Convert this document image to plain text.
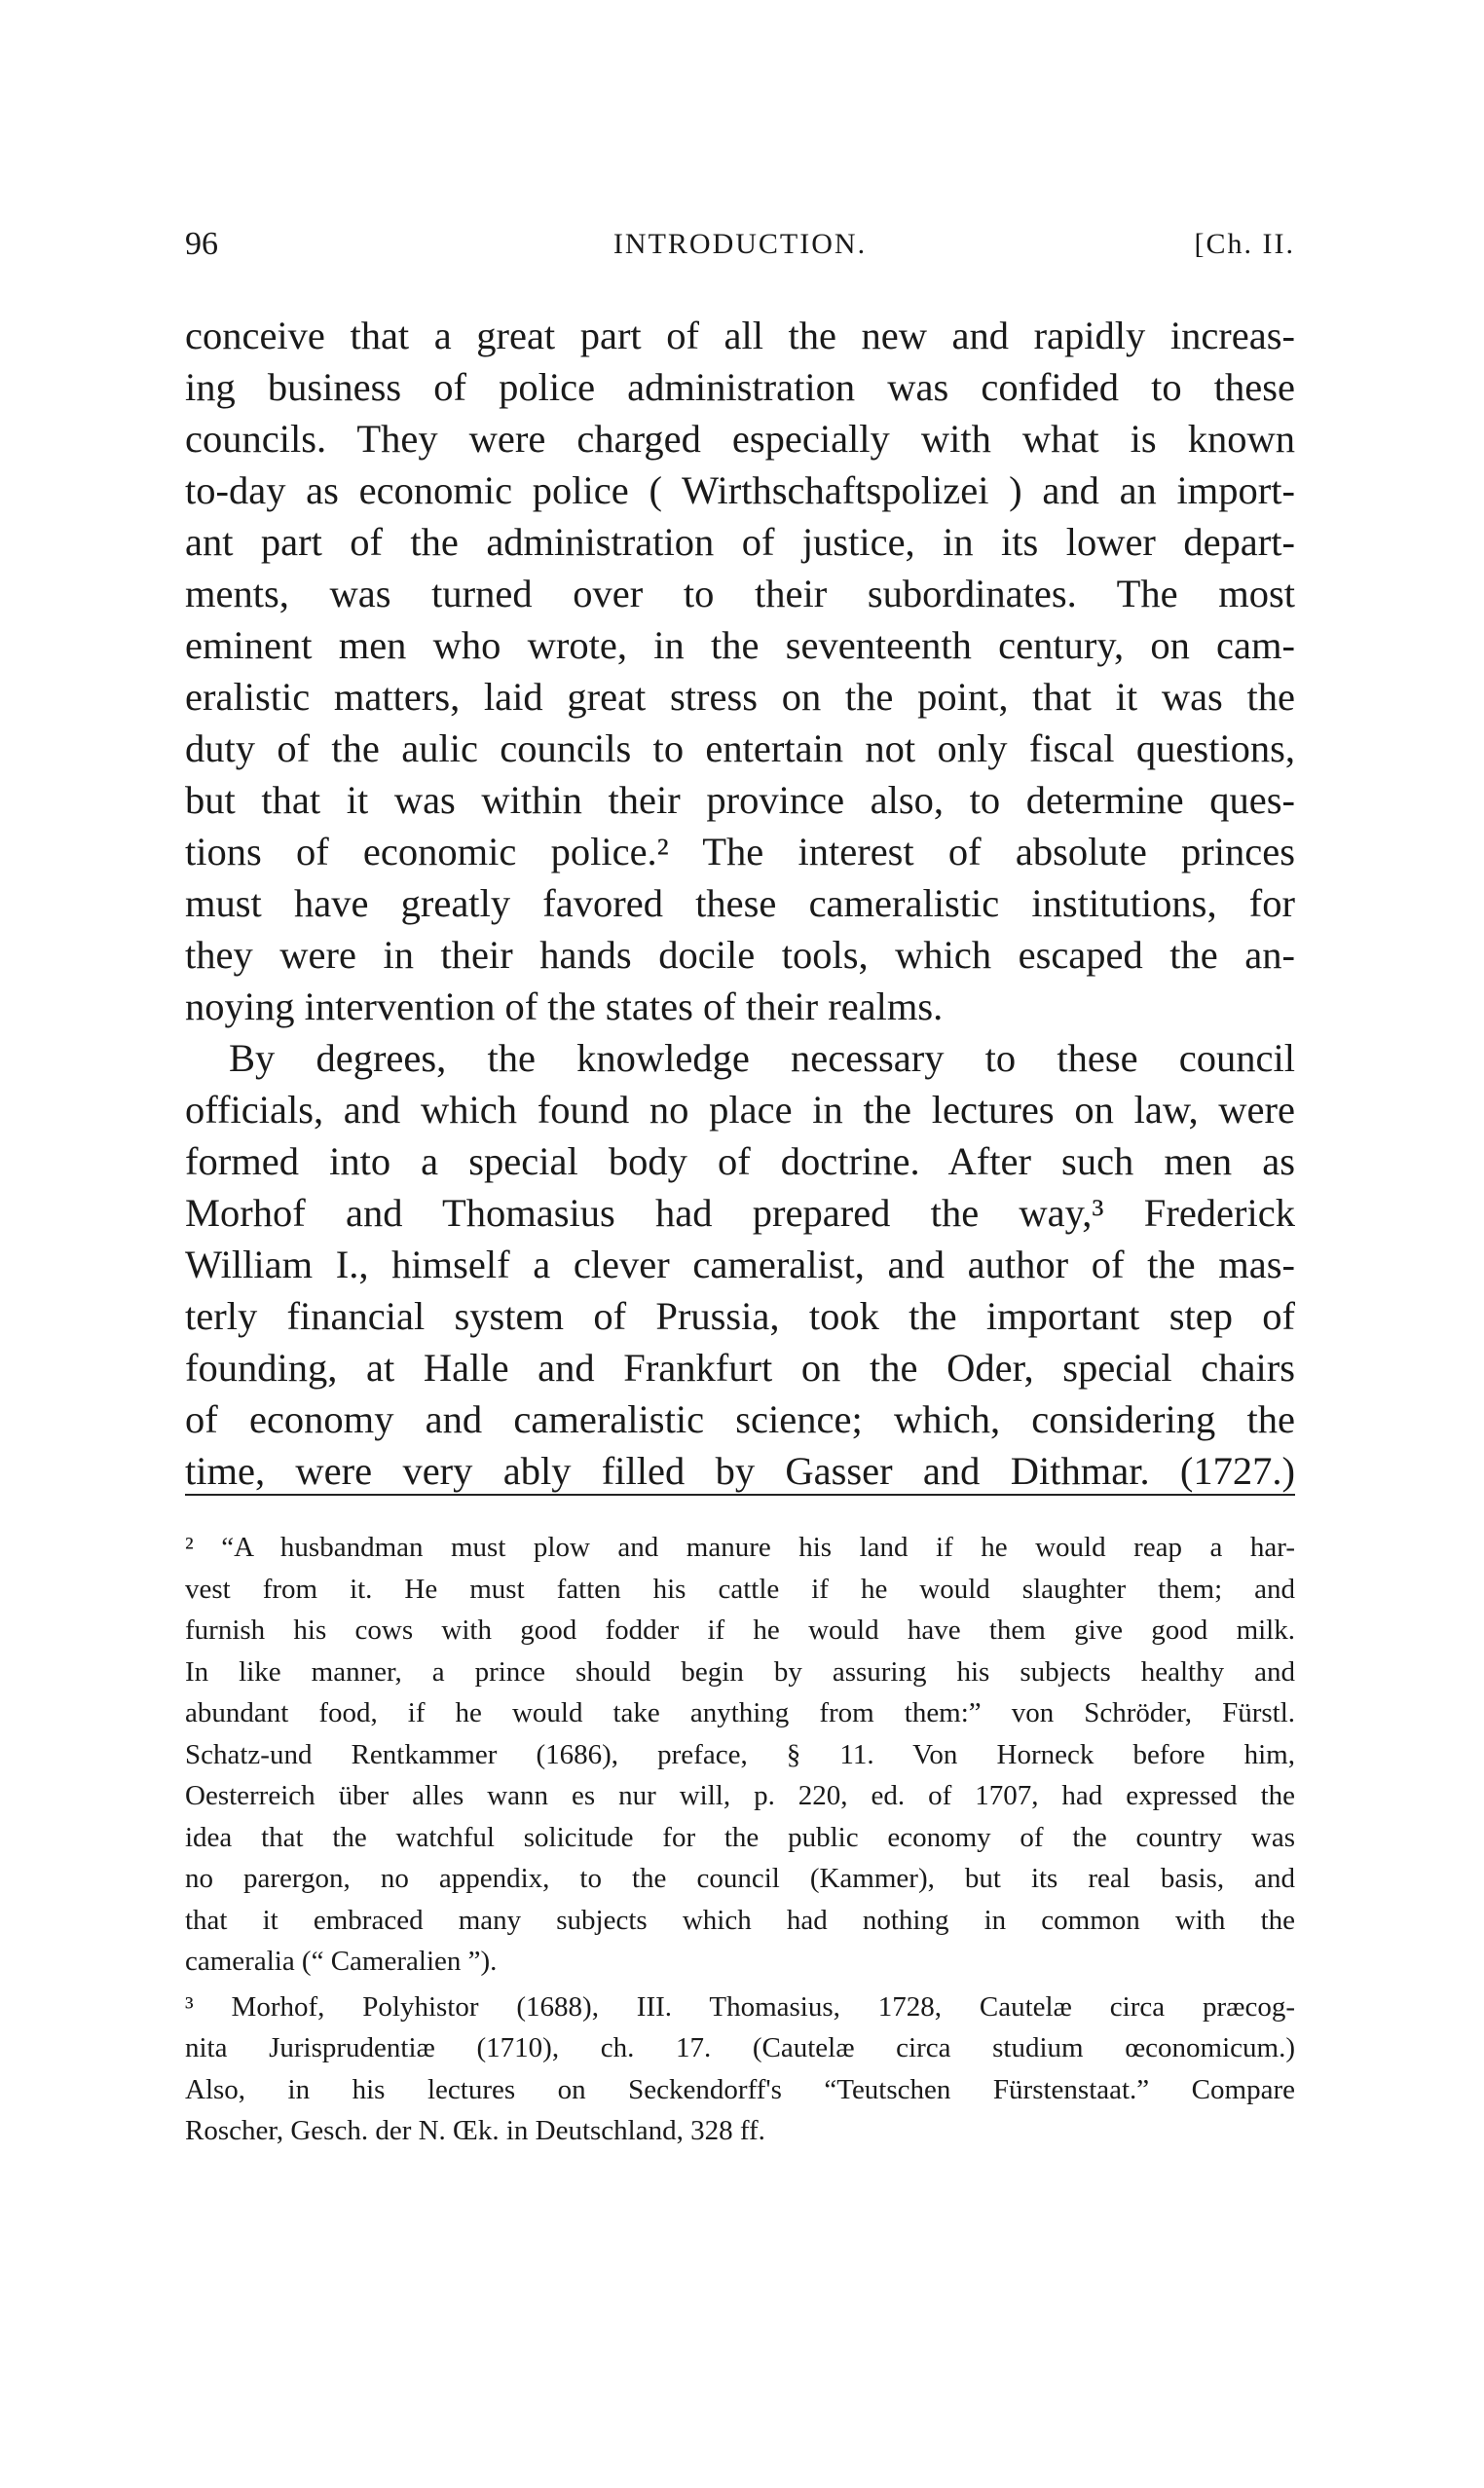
96	INTRODUCTION.	[Ch. II.
conceive that a great part of all the new and rapidly increas-
ing business of police administration was confided to these
councils. They were charged especially with what is known
to-day as economic police ( Wirthschaftspolizei ) and an import-
ant part of the administration of justice, in its lower depart-
ments, was turned over to their subordinates. The most
eminent men who wrote, in the seventeenth century, on cam-
eralistic matters, laid great stress on the point, that it was the
duty of the aulic councils to entertain not only fiscal questions,
but that it was within their province also, to determine ques-
tions of economic police.² The interest of absolute princes
must have greatly favored these cameralistic institutions, for
they were in their hands docile tools, which escaped the an-
noying intervention of the states of their realms.
By degrees, the knowledge necessary to these council
officials, and which found no place in the lectures on law, were
formed into a special body of doctrine. After such men as
Morhof and Thomasius had prepared the way,³ Frederick
William I., himself a clever cameralist, and author of the mas-
terly financial system of Prussia, took the important step of
founding, at Halle and Frankfurt on the Oder, special chairs
of economy and cameralistic science; which, considering the
time, were very ably filled by Gasser and Dithmar. (1727.)
² “A husbandman must plow and manure his land if he would reap a har-
vest from it. He must fatten his cattle if he would slaughter them; and
furnish his cows with good fodder if he would have them give good milk.
In like manner, a prince should begin by assuring his subjects healthy and
abundant food, if he would take anything from them:” von Schröder, Fürstl.
Schatz-und Rentkammer (1686), preface, § 11. Von Horneck before him,
Oesterreich über alles wann es nur will, p. 220, ed. of 1707, had expressed the
idea that the watchful solicitude for the public economy of the country was
no parergon, no appendix, to the council (Kammer), but its real basis, and
that it embraced many subjects which had nothing in common with the
cameralia (“ Cameralien ”).
³ Morhof, Polyhistor (1688), III. Thomasius, 1728, Cautelæ circa præcog-
nita Jurisprudentiæ (1710), ch. 17. (Cautelæ circa studium œconomicum.)
Also, in his lectures on Seckendorff's “Teutschen Fürstenstaat.” Compare
Roscher, Gesch. der N. Œk. in Deutschland, 328 ff.
